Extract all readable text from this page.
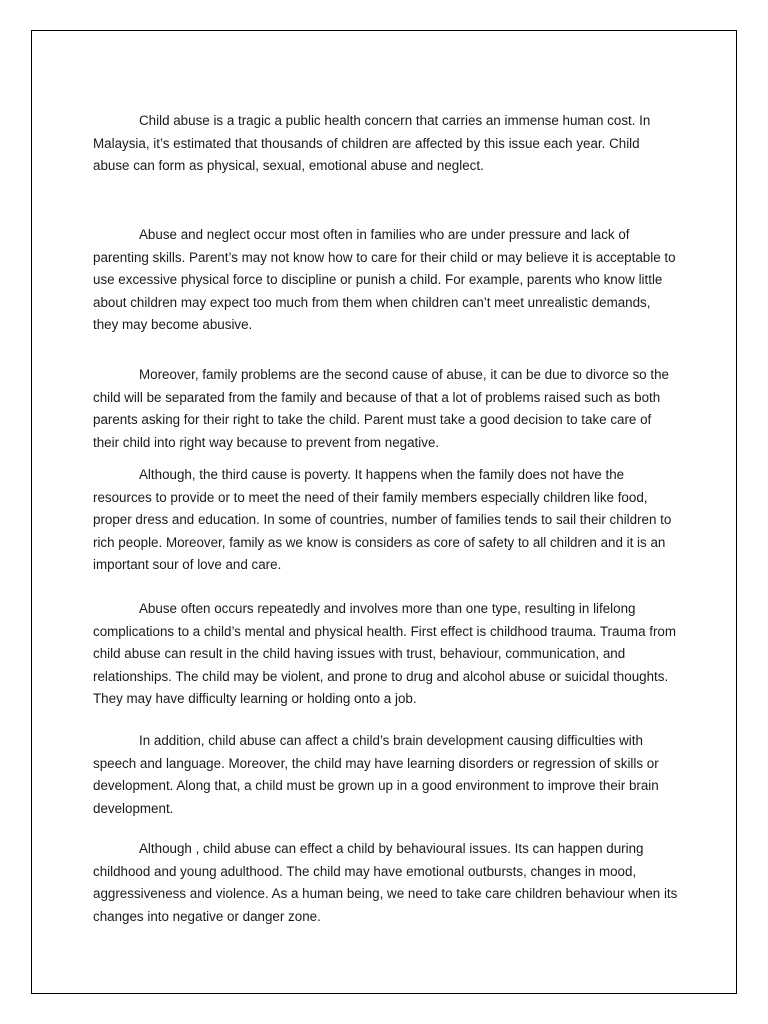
Child abuse is a tragic a public health concern that carries an immense human cost. In Malaysia, it’s estimated that thousands of children are affected by this issue each year. Child abuse can form as physical, sexual, emotional abuse and neglect.

Abuse and neglect occur most often in families who are under pressure and lack of parenting skills. Parent’s may not know how to care for their child or may believe it is acceptable to use excessive physical force to discipline or punish a child. For example, parents who know little about children may expect too much from them when children can’t meet unrealistic demands, they may become abusive.

Moreover, family problems are the second cause of abuse, it can be due to divorce so the child will be separated from the family and because of that a lot of problems raised such as both parents asking for their right to take the child. Parent must take a good decision to take care of their child into right way because to prevent from negative.

Although, the third cause is poverty. It happens when the family does not have the resources to provide or to meet the need of their family members especially children like food, proper dress and education. In some of countries, number of families tends to sail their children to rich people. Moreover, family as we know is considers as core of safety to all children and it is an important sour of love and care.

Abuse often occurs repeatedly and involves more than one type, resulting in lifelong complications to a child’s mental and physical health. First effect is childhood trauma. Trauma from child abuse can result in the child having issues with trust, behaviour, communication, and relationships. The child may be violent, and prone to drug and alcohol abuse or suicidal thoughts. They may have difficulty learning or holding onto a job.

In addition, child abuse can affect a child’s brain development causing difficulties with speech and language. Moreover, the child may have learning disorders or regression of skills or development. Along that, a child must be grown up in a good environment to improve their brain development.

Although , child abuse can effect a child by behavioural issues. Its can happen during childhood and young adulthood. The child may have emotional outbursts, changes in mood, aggressiveness and violence. As a human being, we need to take care children behaviour when its changes into negative or danger zone.
